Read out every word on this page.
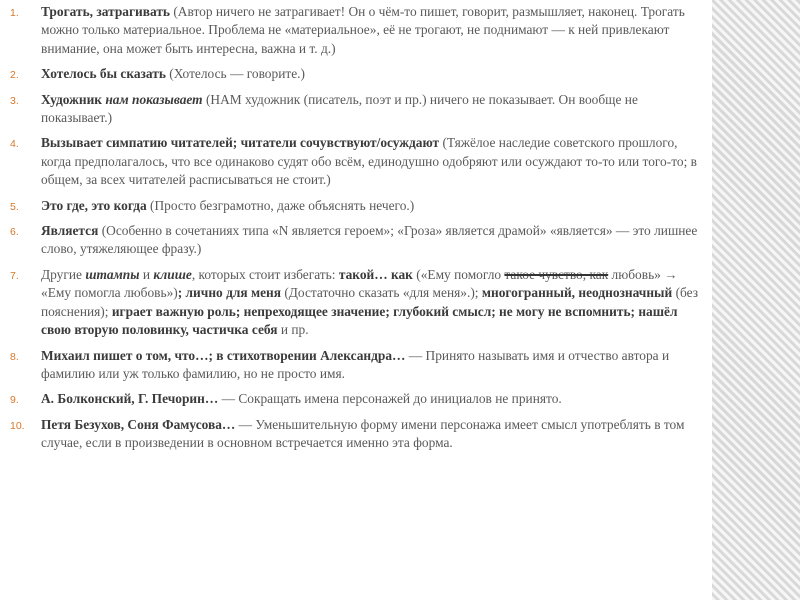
1. Трогать, затрагивать (Автор ничего не затрагивает! Он о чём-то пишет, говорит, размышляет, наконец. Трогать можно только материальное. Проблема не «материальное», её не трогают, не поднимают — к ней привлекают внимание, она может быть интересна, важна и т. д.)
2. Хотелось бы сказать (Хотелось — говорите.)
3. Художник нам показывает (НАМ художник (писатель, поэт и пр.) ничего не показывает. Он вообще не показывает.)
4. Вызывает симпатию читателей; читатели сочувствуют/осуждают (Тяжёлое наследие советского прошлого, когда предполагалось, что все одинаково судят обо всём, единодушно одобряют или осуждают то-то или того-то; в общем, за всех читателей расписываться не стоит.)
5. Это где, это когда (Просто безграмотно, даже объяснять нечего.)
6. Является (Особенно в сочетаниях типа «N является героем»; «Гроза» является драмой» «является» — это лишнее слово, утяжеляющее фразу.)
7. Другие штампы и клише, которых стоит избегать: такой… как («Ему помогло такое чувство, как любовь» → «Ему помогла любовь»); лично для меня (Достаточно сказать «для меня».); многогранный, неоднозначный (без пояснения); играет важную роль; непреходящее значение; глубокий смысл; не могу не вспомнить; нашёл свою вторую половинку, частичка себя и пр.
8. Михаил пишет о том, что…; в стихотворении Александра… — Принято называть имя и отчество автора и фамилию или уж только фамилию, но не просто имя.
9. А. Болконский, Г. Печорин… — Сокращать имена персонажей до инициалов не принято.
10. Петя Безухов, Соня Фамусова… — Уменьшительную форму имени персонажа имеет смысл употреблять в том случае, если в произведении в основном встречается именно эта форма.
